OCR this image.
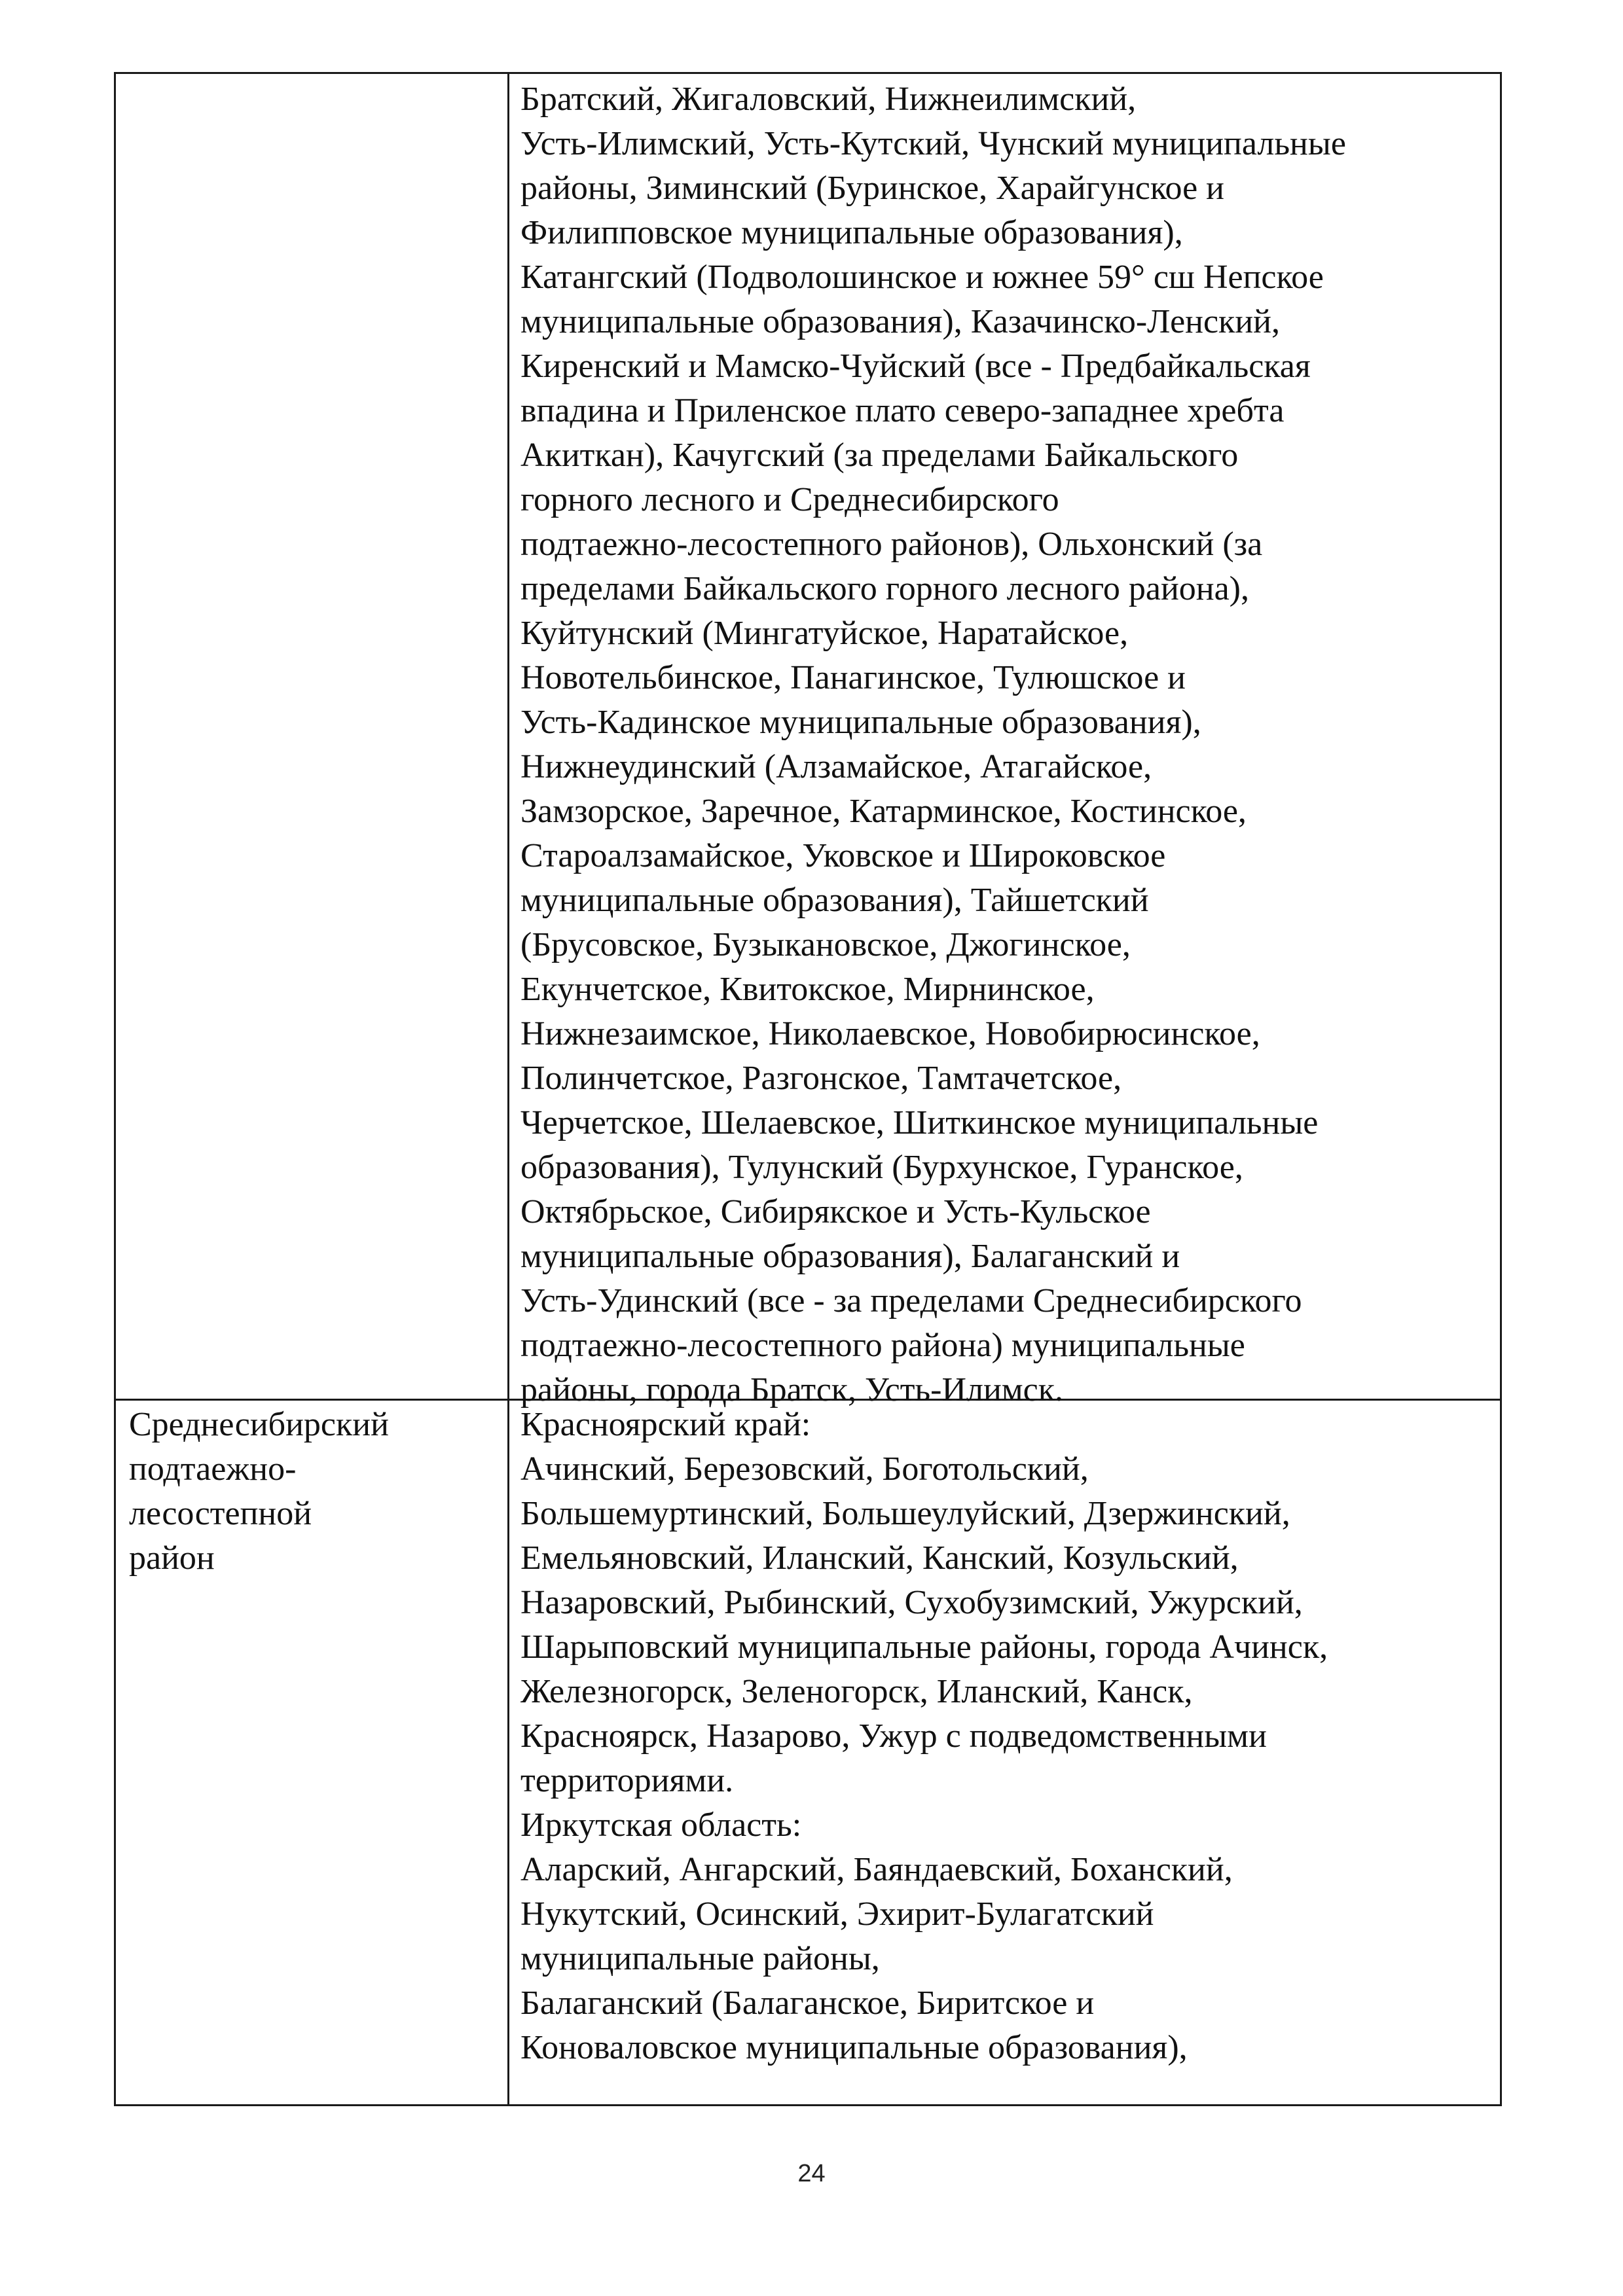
Братский, Жигаловский, Нижнеилимский,
Усть-Илимский, Усть-Кутский, Чунский муниципальные
районы, Зиминский (Буринское, Харайгунское и
Филипповское муниципальные образования),
Катангский (Подволошинское и южнее 59° сш Непское
муниципальные образования), Казачинско-Ленский,
Киренский и Мамско-Чуйский (все - Предбайкальская
впадина и Приленское плато северо-западнее хребта
Акиткан), Качугский (за пределами Байкальского
горного лесного и Среднесибирского
подтаежно-лесостепного районов), Ольхонский (за
пределами Байкальского горного лесного района),
Куйтунский (Мингатуйское, Наратайское,
Новотельбинское, Панагинское, Тулюшское и
Усть-Кадинское муниципальные образования),
Нижнеудинский (Алзамайское, Атагайское,
Замзорское, Заречное, Катарминское, Костинское,
Староалзамайское, Уковское и Широковское
муниципальные образования), Тайшетский
(Брусовское, Бузыкановское, Джогинское,
Екунчетское, Квитокское, Мирнинское,
Нижнезаимское, Николаевское, Новобирюсинское,
Полинчетское, Разгонское, Тамтачетское,
Черчетское, Шелаевское, Шиткинское муниципальные
образования), Тулунский (Бурхунское, Гуранское,
Октябрьское, Сибирякское и Усть-Кульское
муниципальные образования), Балаганский и
Усть-Удинский (все - за пределами Среднесибирского
подтаежно-лесостепного района) муниципальные
районы, города Братск, Усть-Илимск.
Среднесибирский
подтаежно-
лесостепной
район
Красноярский край:
Ачинский, Березовский, Боготольский,
Большемуртинский, Большеулуйский, Дзержинский,
Емельяновский, Иланский, Канский, Козульский,
Назаровский, Рыбинский, Сухобузимский, Ужурский,
Шарыповский муниципальные районы, города Ачинск,
Железногорск, Зеленогорск, Иланский, Канск,
Красноярск, Назарово, Ужур с подведомственными
территориями.
Иркутская область:
Аларский, Ангарский, Баяндаевский, Боханский,
Нукутский, Осинский, Эхирит-Булагатский
муниципальные районы,
Балаганский (Балаганское, Биритское и
Коноваловское муниципальные образования),
24
